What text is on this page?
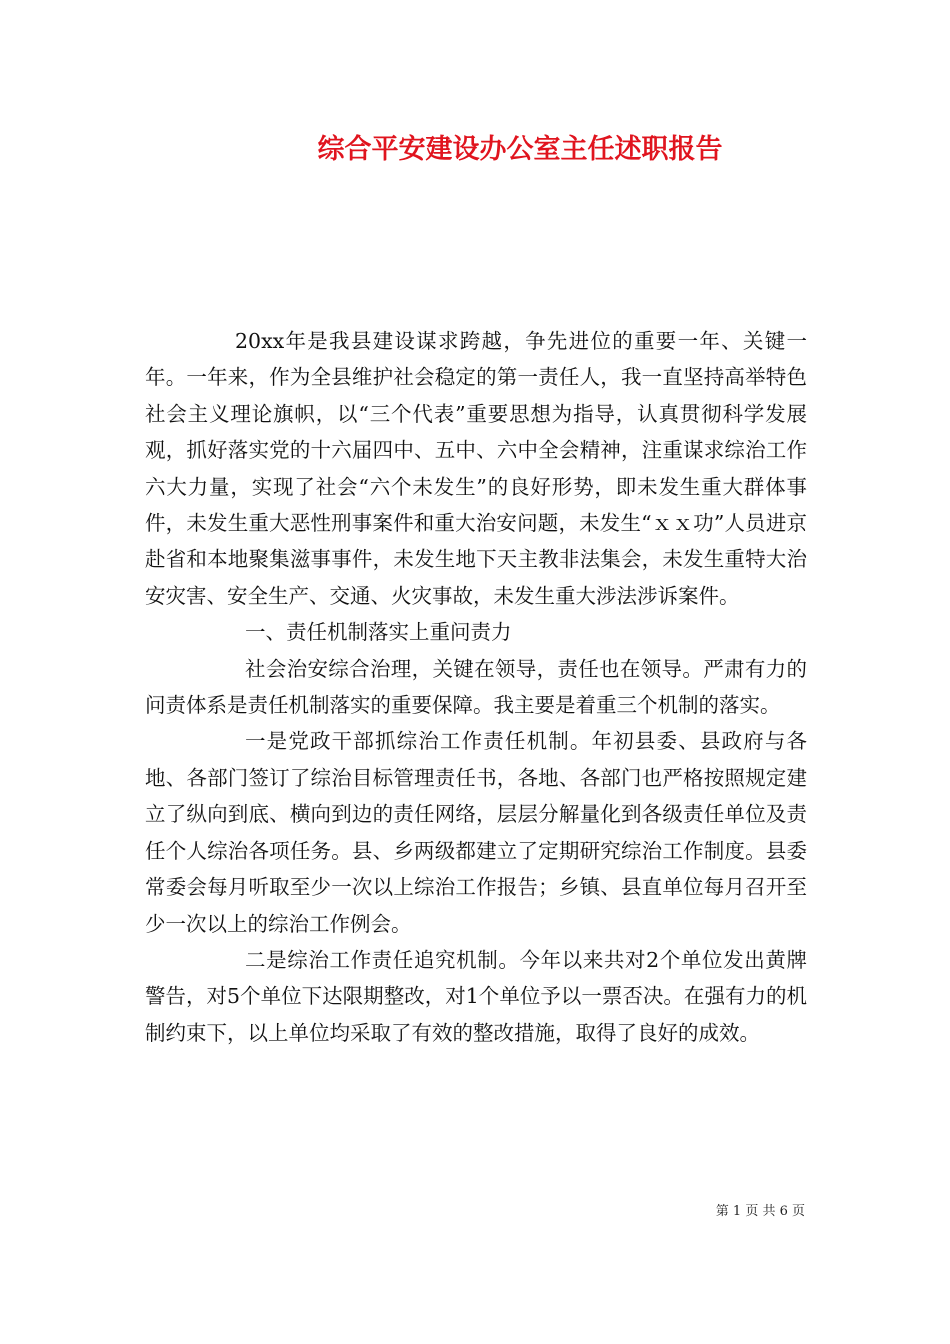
综合平安建设办公室主任述职报告

20xx年是我县建设谋求跨越，争先进位的重要一年、关键一年。一年来，作为全县维护社会稳定的第一责任人，我一直坚持高举特色社会主义理论旗帜，以“三个代表”重要思想为指导，认真贯彻科学发展观，抓好落实党的十六届四中、五中、六中全会精神，注重谋求综治工作六大力量，实现了社会“六个未发生”的良好形势，即未发生重大群体事件，未发生重大恶性刑事案件和重大治安问题，未发生“ｘｘ功”人员进京赴省和本地聚集滋事事件，未发生地下天主教非法集会，未发生重特大治安灾害、安全生产、交通、火灾事故，未发生重大涉法涉诉案件。

一、责任机制落实上重问责力

社会治安综合治理，关键在领导，责任也在领导。严肃有力的问责体系是责任机制落实的重要保障。我主要是着重三个机制的落实。

一是党政干部抓综治工作责任机制。年初县委、县政府与各地、各部门签订了综治目标管理责任书，各地、各部门也严格按照规定建立了纵向到底、横向到边的责任网络，层层分解量化到各级责任单位及责任个人综治各项任务。县、乡两级都建立了定期研究综治工作制度。县委常委会每月听取至少一次以上综治工作报告；乡镇、县直单位每月召开至少一次以上的综治工作例会。

二是综治工作责任追究机制。今年以来共对2个单位发出黄牌警告，对5个单位下达限期整改，对1个单位予以一票否决。在强有力的机制约束下，以上单位均采取了有效的整改措施，取得了良好的成效。

第 1 页 共 6 页
